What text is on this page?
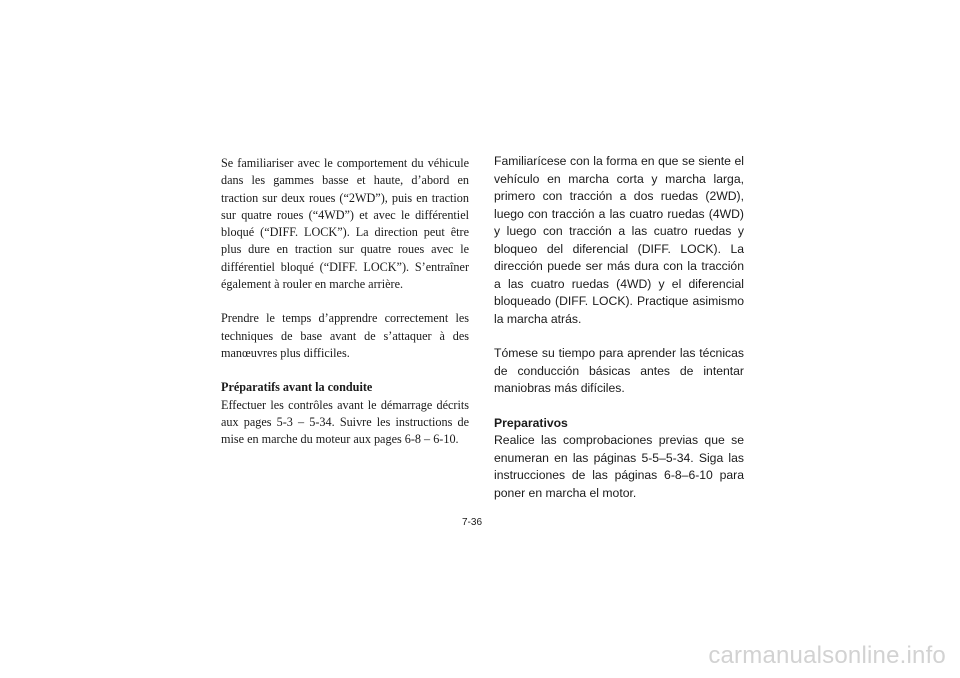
Se familiariser avec le comportement du véhicule dans les gammes basse et haute, d’abord en traction sur deux roues (“2WD”), puis en traction sur quatre roues (“4WD”) et avec le différentiel bloqué (“DIFF. LOCK”). La direction peut être plus dure en traction sur quatre roues avec le différentiel bloqué (“DIFF. LOCK”). S’entraîner également à rouler en marche arrière.

Prendre le temps d’apprendre correctement les techniques de base avant de s’attaquer à des manœuvres plus difficiles.

Préparatifs avant la conduite

Effectuer les contrôles avant le démarrage décrits aux pages 5-3 – 5-34. Suivre les instructions de mise en marche du moteur aux pages 6-8 – 6-10.

Familiarícese con la forma en que se siente el vehículo en marcha corta y marcha larga, primero con tracción a dos ruedas (2WD), luego con tracción a las cuatro ruedas (4WD) y luego con tracción a las cuatro ruedas y bloqueo del diferencial (DIFF. LOCK). La dirección puede ser más dura con la tracción a las cuatro ruedas (4WD) y el diferencial bloqueado (DIFF. LOCK). Practique asimismo la marcha atrás.

Tómese su tiempo para aprender las técnicas de conducción básicas antes de intentar maniobras más difíciles.

Preparativos

Realice las comprobaciones previas que se enumeran en las páginas 5-5–5-34. Siga las instrucciones de las páginas 6-8–6-10 para poner en marcha el motor.

7-36
carmanualsonline.info
